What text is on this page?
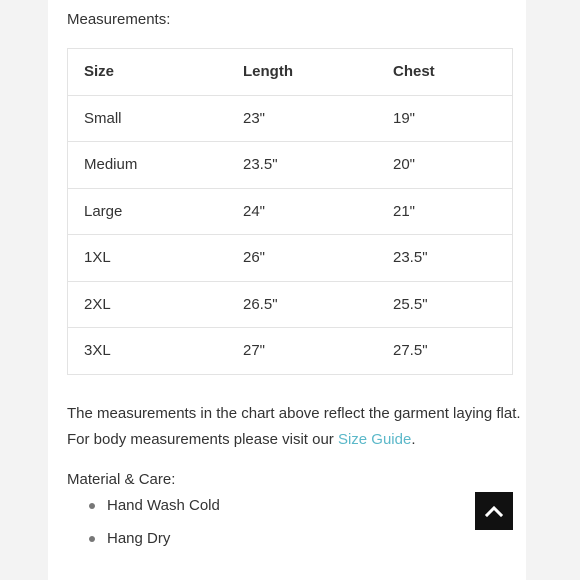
Measurements:
Size	Length	Chest
Small	23"	19"
Medium	23.5"	20"
Large	24"	21"
1XL	26"	23.5"
2XL	26.5"	25.5"
3XL	27"	27.5"
The measurements in the chart above reflect the garment laying flat.
For body measurements please visit our Size Guide.
Material & Care:
Hand Wash Cold
Hang Dry
